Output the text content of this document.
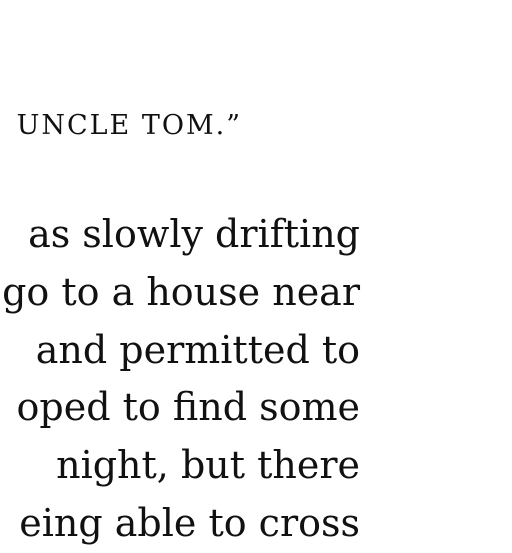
UNCLE TOM.”
as slowly drifting
go to a house near
and permitted to
oped to find some
night, but there
eing able to cross
